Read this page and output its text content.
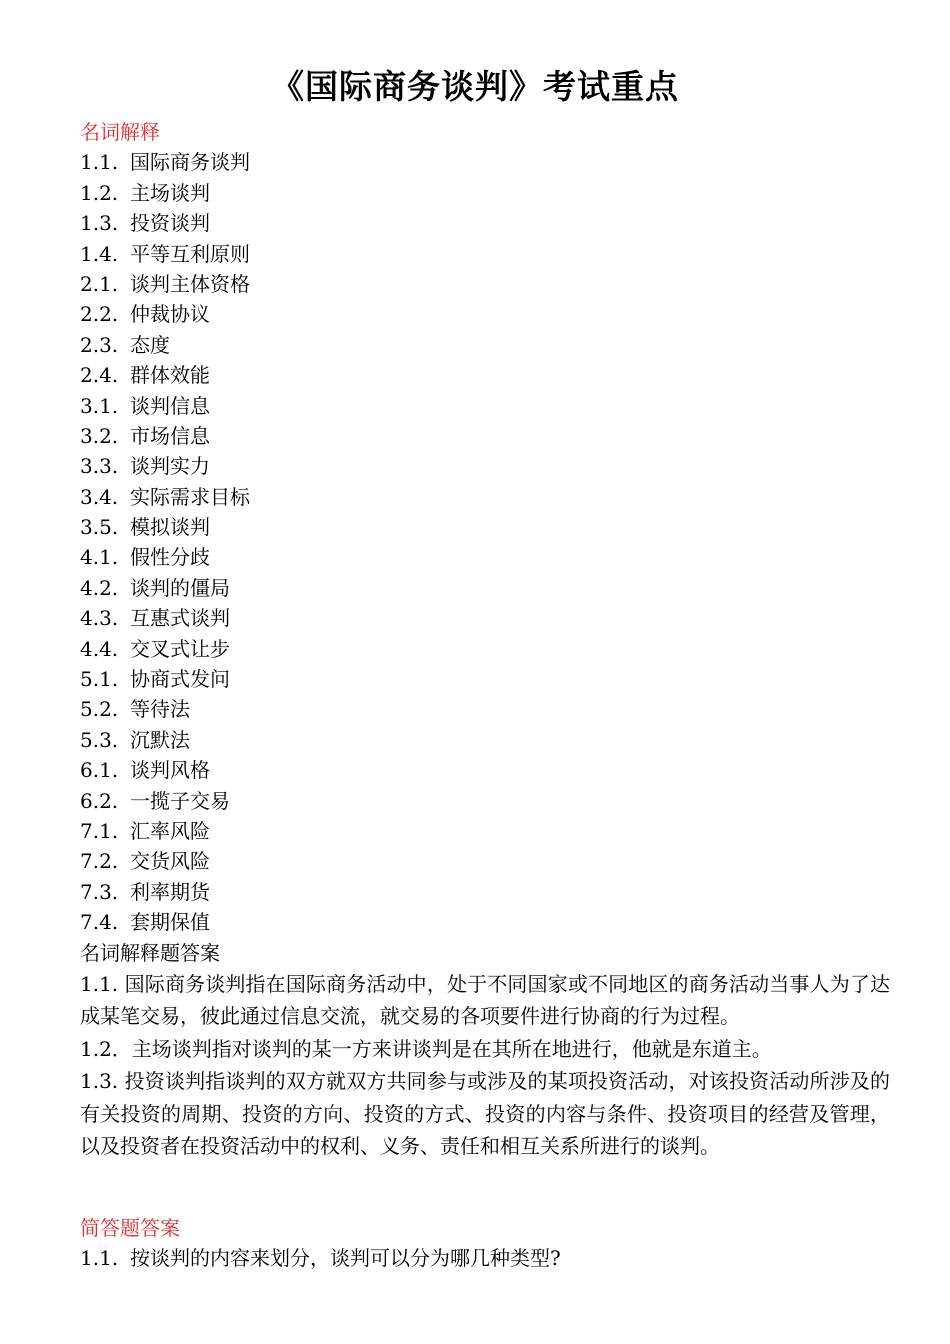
《国际商务谈判》考试重点
名词解释
1.1. 国际商务谈判
1.2. 主场谈判
1.3. 投资谈判
1.4. 平等互利原则
2.1. 谈判主体资格
2.2. 仲裁协议
2.3. 态度
2.4. 群体效能
3.1. 谈判信息
3.2. 市场信息
3.3. 谈判实力
3.4. 实际需求目标
3.5. 模拟谈判
4.1. 假性分歧
4.2. 谈判的僵局
4.3. 互惠式谈判
4.4. 交叉式让步
5.1. 协商式发问
5.2. 等待法
5.3. 沉默法
6.1. 谈判风格
6.2. 一揽子交易
7.1. 汇率风险
7.2. 交货风险
7.3. 利率期货
7.4. 套期保值
名词解释题答案
1.1. 国际商务谈判指在国际商务活动中，处于不同国家或不同地区的商务活动当事人为了达成某笔交易，彼此通过信息交流，就交易的各项要件进行协商的行为过程。
1.2．主场谈判指对谈判的某一方来讲谈判是在其所在地进行，他就是东道主。
1.3. 投资谈判指谈判的双方就双方共同参与或涉及的某项投资活动，对该投资活动所涉及的有关投资的周期、投资的方向、投资的方式、投资的内容与条件、投资项目的经营及管理，以及投资者在投资活动中的权利、义务、责任和相互关系所进行的谈判。
简答题答案
1.1. 按谈判的内容来划分，谈判可以分为哪几种类型?
